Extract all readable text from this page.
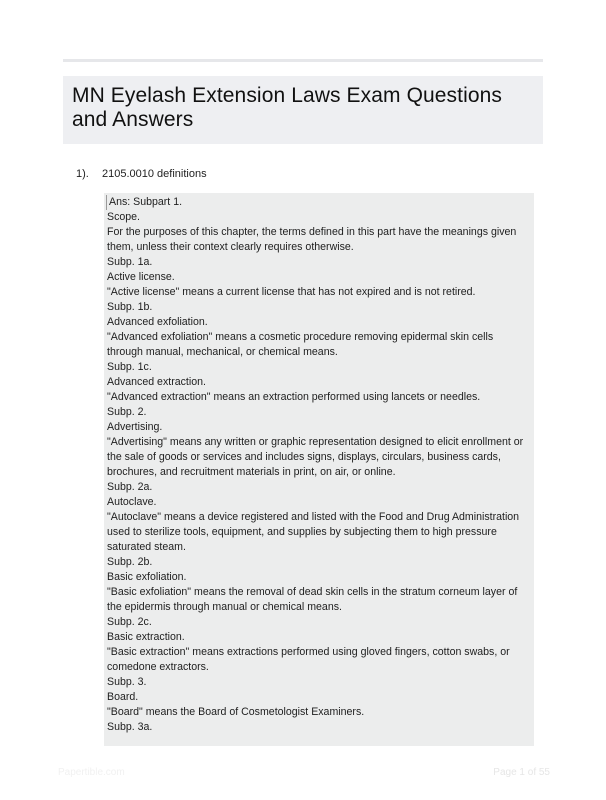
MN Eyelash Extension Laws Exam Questions and Answers
1). 2105.0010 definitions
Ans: Subpart 1.
Scope.
For the purposes of this chapter, the terms defined in this part have the meanings given
them, unless their context clearly requires otherwise.
Subp. 1a.
Active license.
"Active license" means a current license that has not expired and is not retired.
Subp. 1b.
Advanced exfoliation.
"Advanced exfoliation" means a cosmetic procedure removing epidermal skin cells
through manual, mechanical, or chemical means.
Subp. 1c.
Advanced extraction.
"Advanced extraction" means an extraction performed using lancets or needles.
Subp. 2.
Advertising.
"Advertising" means any written or graphic representation designed to elicit enrollment or
the sale of goods or services and includes signs, displays, circulars, business cards,
brochures, and recruitment materials in print, on air, or online.
Subp. 2a.
Autoclave.
"Autoclave" means a device registered and listed with the Food and Drug Administration
used to sterilize tools, equipment, and supplies by subjecting them to high pressure
saturated steam.
Subp. 2b.
Basic exfoliation.
"Basic exfoliation" means the removal of dead skin cells in the stratum corneum layer of
the epidermis through manual or chemical means.
Subp. 2c.
Basic extraction.
"Basic extraction" means extractions performed using gloved fingers, cotton swabs, or
comedone extractors.
Subp. 3.
Board.
"Board" means the Board of Cosmetologist Examiners.
Subp. 3a.
Papertible.com	Page 1 of 55
